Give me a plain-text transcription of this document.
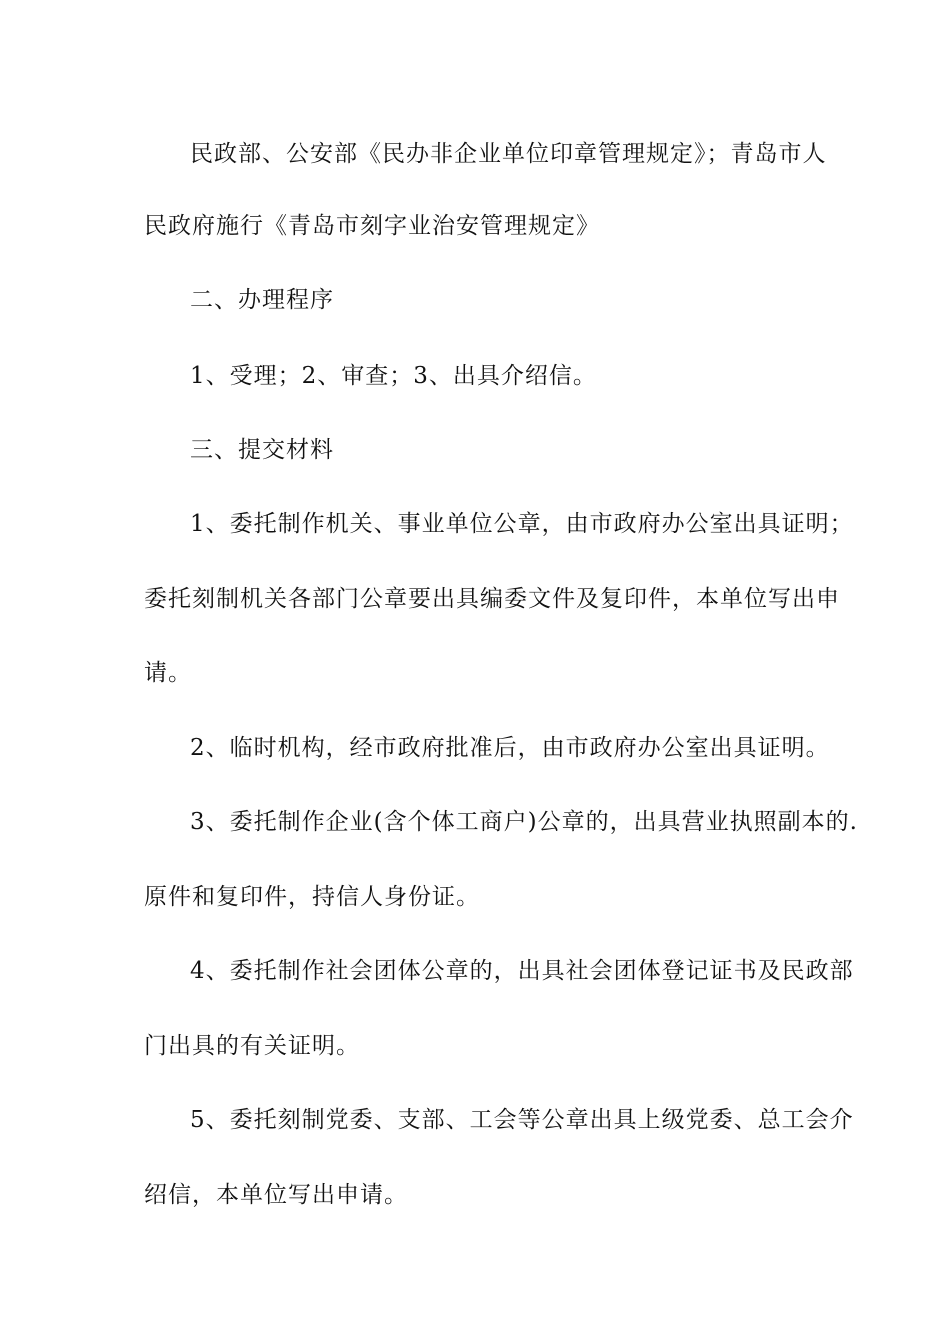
民政部、公安部《民办非企业单位印章管理规定》；青岛市人
民政府施行《青岛市刻字业治安管理规定》
二、办理程序
1、受理；2、审查；3、出具介绍信。
三、提交材料
1、委托制作机关、事业单位公章，由市政府办公室出具证明；
委托刻制机关各部门公章要出具编委文件及复印件，本单位写出申
请。
2、临时机构，经市政府批准后，由市政府办公室出具证明。
3、委托制作企业(含个体工商户)公章的，出具营业执照副本的.
原件和复印件，持信人身份证。
4、委托制作社会团体公章的，出具社会团体登记证书及民政部
门出具的有关证明。
5、委托刻制党委、支部、工会等公章出具上级党委、总工会介
绍信，本单位写出申请。
